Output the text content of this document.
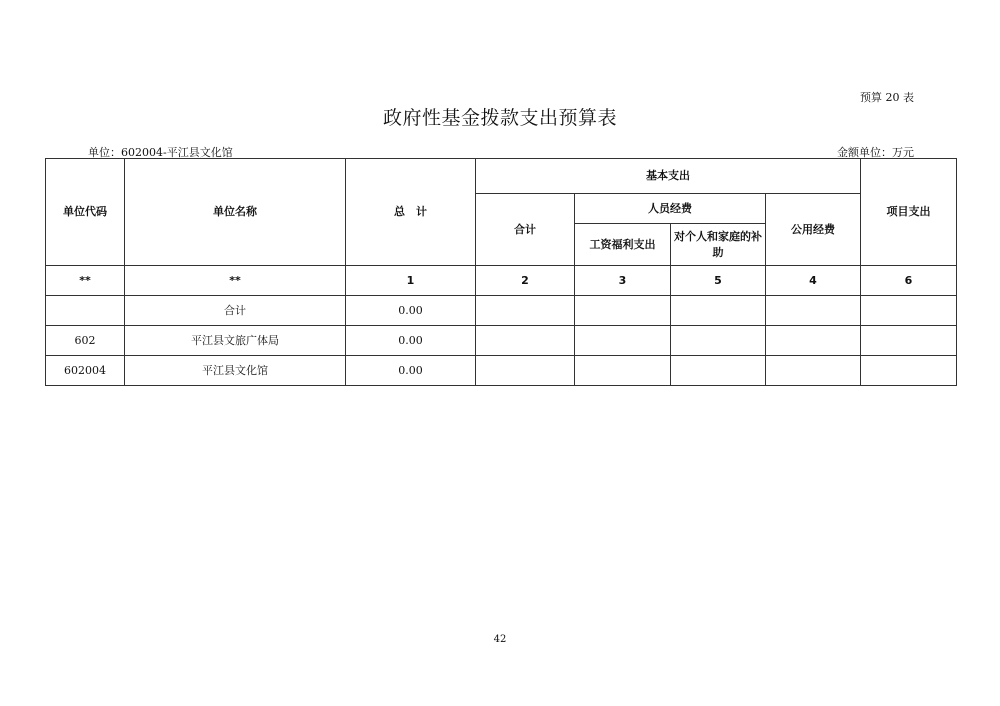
预算 20 表
政府性基金拨款支出预算表
单位：602004-平江县文化馆	金额单位：万元
单位代码	单位名称	总　计	基本支出				项目支出
			合计	人员经费		公用经费	
				工资福利支出	对个人和家庭的补助		
**	**	1	2	3	5	4	6
	合计	0.00					
602	平江县文旅广体局	0.00					
602004	平江县文化馆	0.00					
42
